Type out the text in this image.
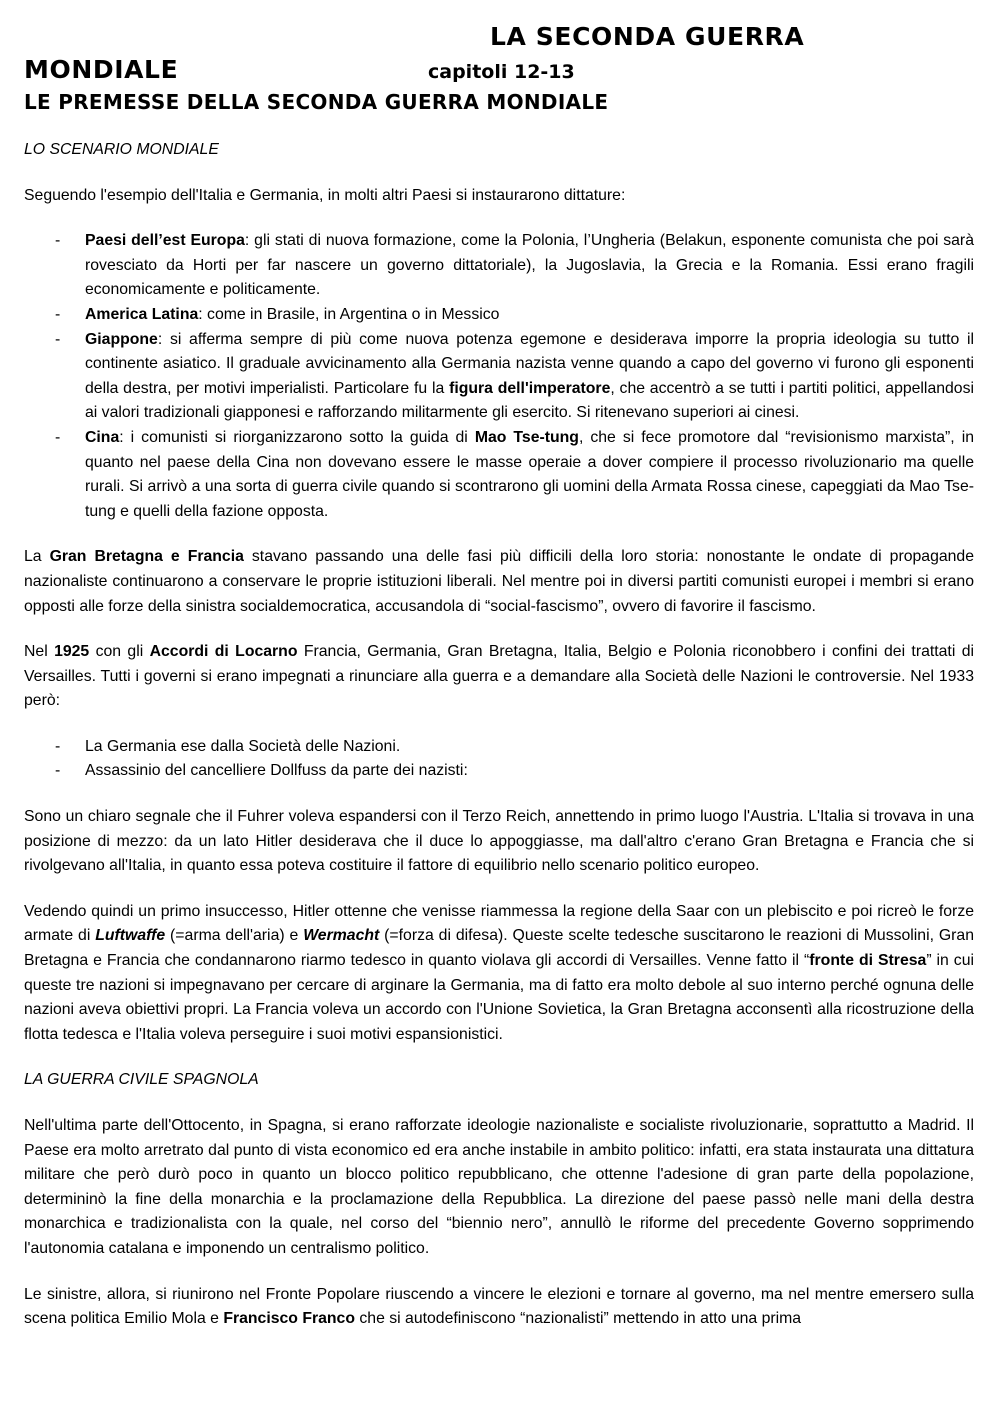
LA SECONDA GUERRA
MONDIALE	capitoli 12-13
LE PREMESSE DELLA SECONDA GUERRA MONDIALE

LO SCENARIO MONDIALE

Seguendo l'esempio dell'Italia e Germania, in molti altri Paesi si instaurarono dittature:

- Paesi dell’est Europa: gli stati di nuova formazione, come la Polonia, l’Ungheria (Belakun, esponente comunista che poi sarà rovesciato da Horti per far nascere un governo dittatoriale), la Jugoslavia, la Grecia e la Romania. Essi erano fragili economicamente e politicamente.
- America Latina: come in Brasile, in Argentina o in Messico
- Giappone: si afferma sempre di più come nuova potenza egemone e desiderava imporre la propria ideologia su tutto il continente asiatico. Il graduale avvicinamento alla Germania nazista venne quando a capo del governo vi furono gli esponenti della destra, per motivi imperialisti. Particolare fu la figura dell'imperatore, che accentrò a se tutti i partiti politici, appellandosi ai valori tradizionali giapponesi e rafforzando militarmente gli esercito. Si ritenevano superiori ai cinesi.
- Cina: i comunisti si riorganizzarono sotto la guida di Mao Tse-tung, che si fece promotore dal “revisionismo marxista”, in quanto nel paese della Cina non dovevano essere le masse operaie a dover compiere il processo rivoluzionario ma quelle rurali. Si arrivò a una sorta di guerra civile quando si scontrarono gli uomini della Armata Rossa cinese, capeggiati da Mao Tse-tung e quelli della fazione opposta.

La Gran Bretagna e Francia stavano passando una delle fasi più difficili della loro storia: nonostante le ondate di propagande nazionaliste continuarono a conservare le proprie istituzioni liberali. Nel mentre poi in diversi partiti comunisti europei i membri si erano opposti alle forze della sinistra socialdemocratica, accusandola di “social-fascismo”, ovvero di favorire il fascismo.

Nel 1925 con gli Accordi di Locarno Francia, Germania, Gran Bretagna, Italia, Belgio e Polonia riconobbero i confini dei trattati di Versailles. Tutti i governi si erano impegnati a rinunciare alla guerra e a demandare alla Società delle Nazioni le controversie. Nel 1933 però:

- La Germania ese dalla Società delle Nazioni.
- Assassinio del cancelliere Dollfuss da parte dei nazisti:

Sono un chiaro segnale che il Fuhrer voleva espandersi con il Terzo Reich, annettendo in primo luogo l'Austria. L'Italia si trovava in una posizione di mezzo: da un lato Hitler desiderava che il duce lo appoggiasse, ma dall'altro c'erano Gran Bretagna e Francia che si rivolgevano all'Italia, in quanto essa poteva costituire il fattore di equilibrio nello scenario politico europeo.

Vedendo quindi un primo insuccesso, Hitler ottenne che venisse riammessa la regione della Saar con un plebiscito e poi ricreò le forze armate di Luftwaffe (=arma dell'aria) e Wermacht (=forza di difesa). Queste scelte tedesche suscitarono le reazioni di Mussolini, Gran Bretagna e Francia che condannarono riarmo tedesco in quanto violava gli accordi di Versailles. Venne fatto il “fronte di Stresa” in cui queste tre nazioni si impegnavano per cercare di arginare la Germania, ma di fatto era molto debole al suo interno perché ognuna delle nazioni aveva obiettivi propri. La Francia voleva un accordo con l'Unione Sovietica, la Gran Bretagna acconsentì alla ricostruzione della flotta tedesca e l'Italia voleva perseguire i suoi motivi espansionistici.

LA GUERRA CIVILE SPAGNOLA

Nell'ultima parte dell'Ottocento, in Spagna, si erano rafforzate ideologie nazionaliste e socialiste rivoluzionarie, soprattutto a Madrid. Il Paese era molto arretrato dal punto di vista economico ed era anche instabile in ambito politico: infatti, era stata instaurata una dittatura militare che però durò poco in quanto un blocco politico repubblicano, che ottenne l'adesione di gran parte della popolazione, determininò la fine della monarchia e la proclamazione della Repubblica. La direzione del paese passò nelle mani della destra monarchica e tradizionalista con la quale, nel corso del “biennio nero”, annullò le riforme del precedente Governo sopprimendo l'autonomia catalana e imponendo un centralismo politico.

Le sinistre, allora, si riunirono nel Fronte Popolare riuscendo a vincere le elezioni e tornare al governo, ma nel mentre emersero sulla scena politica Emilio Mola e Francisco Franco che si autodefiniscono “nazionalisti” mettendo in atto una prima
